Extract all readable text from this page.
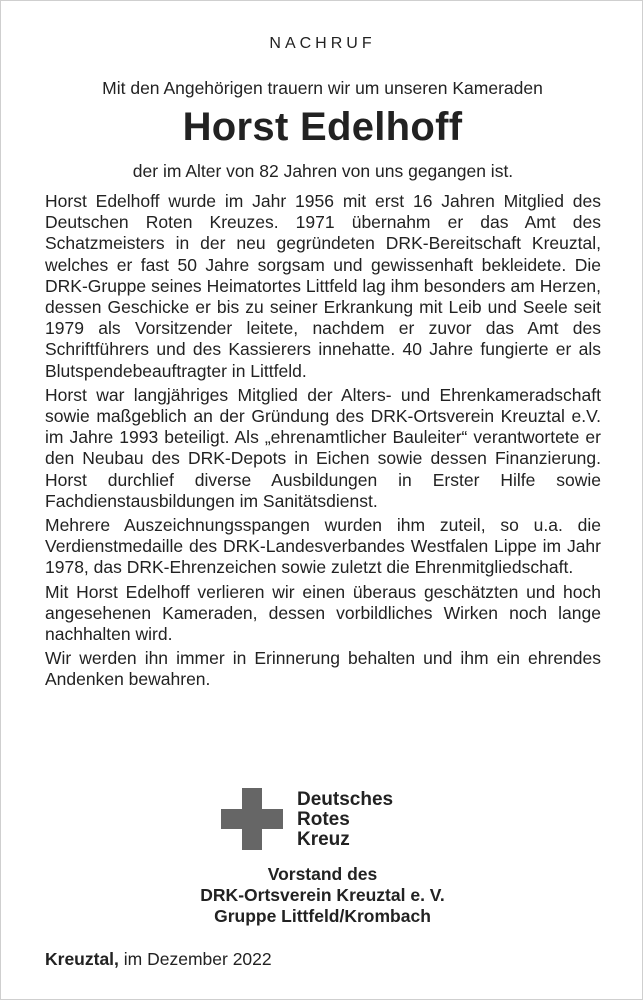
NACHRUF
Mit den Angehörigen trauern wir um unseren Kameraden
Horst Edelhoff
der im Alter von 82 Jahren von uns gegangen ist.

Horst Edelhoff wurde im Jahr 1956 mit erst 16 Jahren Mitglied des Deutschen Roten Kreuzes. 1971 übernahm er das Amt des Schatzmeisters in der neu gegründeten DRK-Bereitschaft Kreuztal, welches er fast 50 Jahre sorgsam und gewissenhaft bekleidete. Die DRK-Gruppe seines Heimatortes Littfeld lag ihm besonders am Herzen, dessen Geschicke er bis zu seiner Erkrankung mit Leib und Seele seit 1979 als Vorsitzender leitete, nachdem er zuvor das Amt des Schriftführers und des Kassierers innehatte. 40 Jahre fungierte er als Blutspendebeauftragter in Littfeld.

Horst war langjähriges Mitglied der Alters- und Ehrenkameradschaft sowie maßgeblich an der Gründung des DRK-Ortsverein Kreuztal e.V. im Jahre 1993 beteiligt. Als „ehrenamtlicher Bauleiter“ verantwortete er den Neubau des DRK-Depots in Eichen sowie dessen Finanzierung. Horst durchlief diverse Ausbildungen in Erster Hilfe sowie Fachdienstausbildungen im Sanitätsdienst.

Mehrere Auszeichnungsspangen wurden ihm zuteil, so u.a. die Verdienstmedaille des DRK-Landesverbandes Westfalen Lippe im Jahr 1978, das DRK-Ehrenzeichen sowie zuletzt die Ehrenmitgliedschaft.

Mit Horst Edelhoff verlieren wir einen überaus geschätzten und hoch angesehenen Kameraden, dessen vorbildliches Wirken noch lange nachhalten wird.

Wir werden ihn immer in Erinnerung behalten und ihm ein ehrendes Andenken bewahren.

Deutsches
Rotes
Kreuz
Vorstand des
DRK-Ortsverein Kreuztal e. V.
Gruppe Littfeld/Krombach
Kreuztal, im Dezember 2022
